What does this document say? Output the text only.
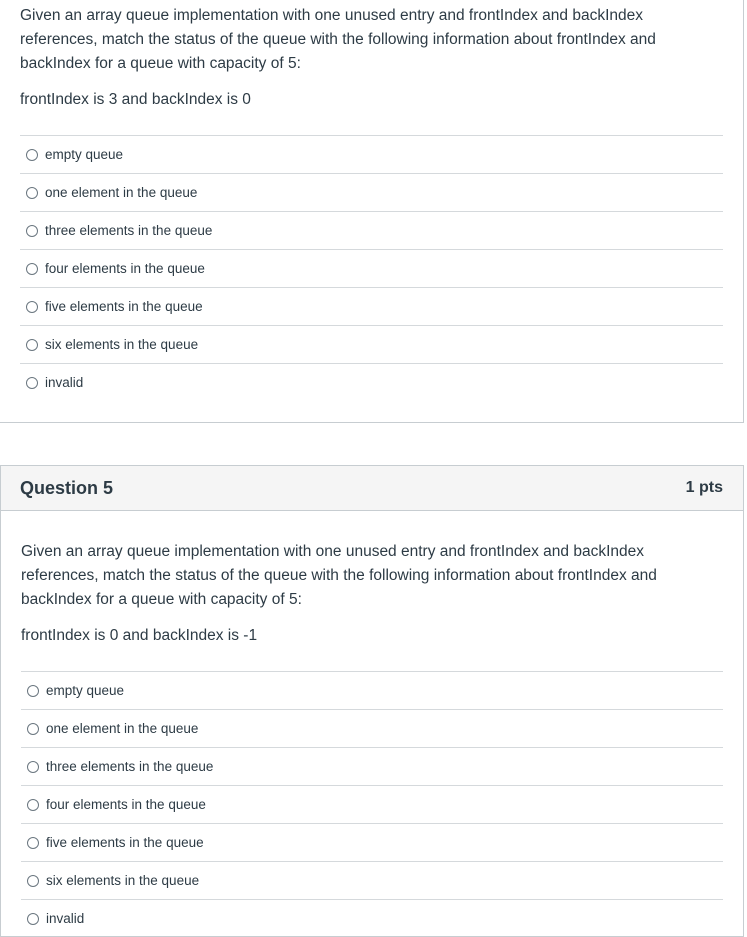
Given an array queue implementation with one unused entry and frontIndex and backIndex references, match the status of the queue with the following information about frontIndex and backIndex for a queue with capacity of 5:

frontIndex is 3 and backIndex is 0

empty queue
one element in the queue
three elements in the queue
four elements in the queue
five elements in the queue
six elements in the queue
invalid
Question 5	1 pts

Given an array queue implementation with one unused entry and frontIndex and backIndex references, match the status of the queue with the following information about frontIndex and backIndex for a queue with capacity of 5:

frontIndex is 0 and backIndex is -1

empty queue
one element in the queue
three elements in the queue
four elements in the queue
five elements in the queue
six elements in the queue
invalid
